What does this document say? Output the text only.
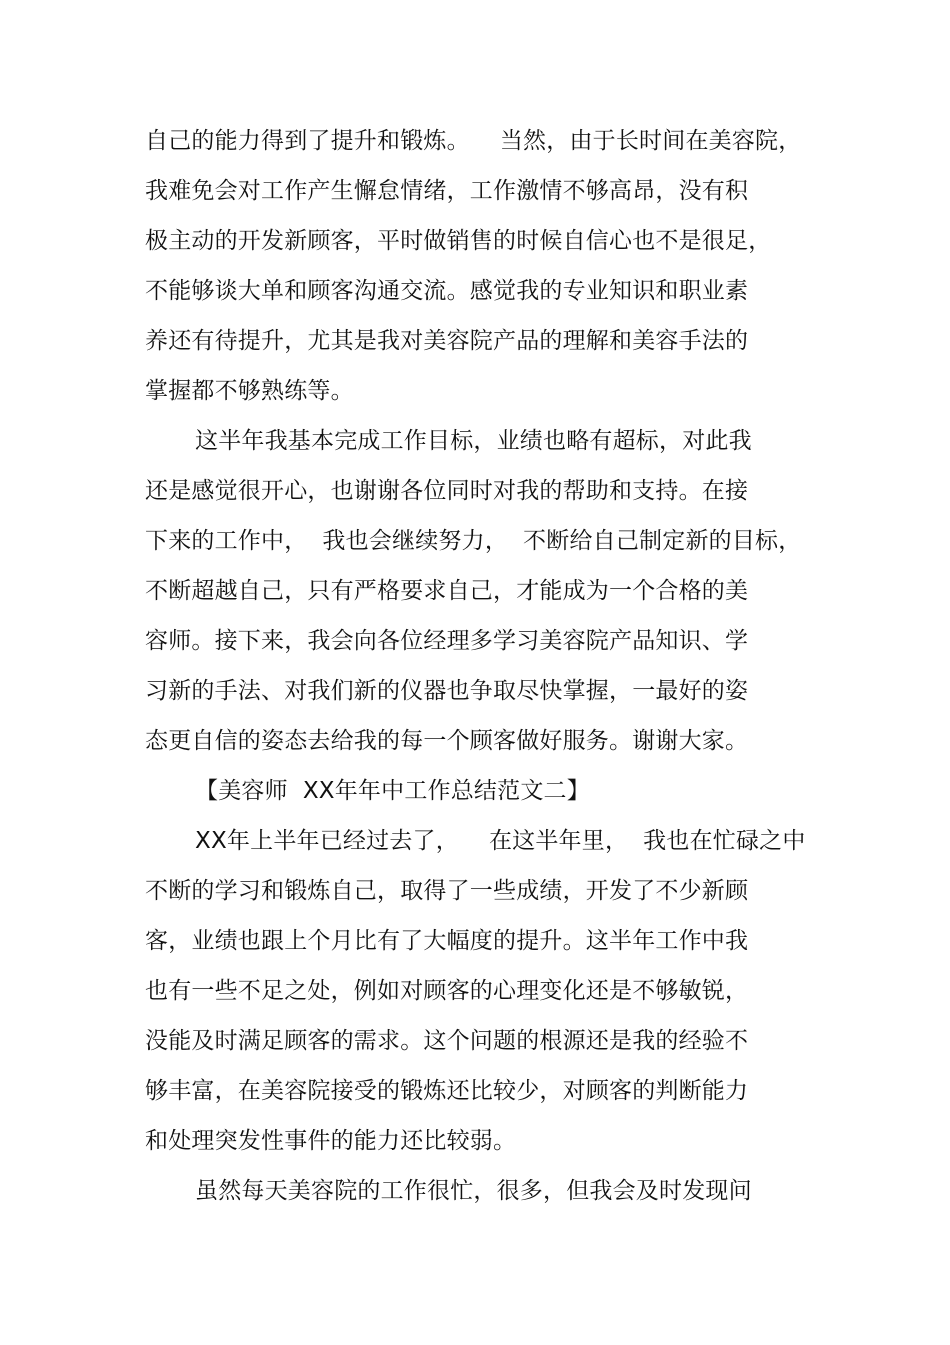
自己的能力得到了提升和锻炼。    当然，由于长时间在美容院，
我难免会对工作产生懈怠情绪，工作激情不够高昂，没有积
极主动的开发新顾客，平时做销售的时候自信心也不是很足，
不能够谈大单和顾客沟通交流。感觉我的专业知识和职业素
养还有待提升，尤其是我对美容院产品的理解和美容手法的
掌握都不够熟练等。
这半年我基本完成工作目标，业绩也略有超标，对此我
还是感觉很开心，也谢谢各位同时对我的帮助和支持。在接
下来的工作中，  我也会继续努力，  不断给自己制定新的目标，
不断超越自己，只有严格要求自己，才能成为一个合格的美
容师。接下来，我会向各位经理多学习美容院产品知识、学
习新的手法、对我们新的仪器也争取尽快掌握，一最好的姿
态更自信的姿态去给我的每一个顾客做好服务。谢谢大家。
【美容师  XX年年中工作总结范文二】
XX年上半年已经过去了，    在这半年里，  我也在忙碌之中
不断的学习和锻炼自己，取得了一些成绩，开发了不少新顾
客，业绩也跟上个月比有了大幅度的提升。这半年工作中我
也有一些不足之处，例如对顾客的心理变化还是不够敏锐，
没能及时满足顾客的需求。这个问题的根源还是我的经验不
够丰富，在美容院接受的锻炼还比较少，对顾客的判断能力
和处理突发性事件的能力还比较弱。
虽然每天美容院的工作很忙，很多，但我会及时发现问
